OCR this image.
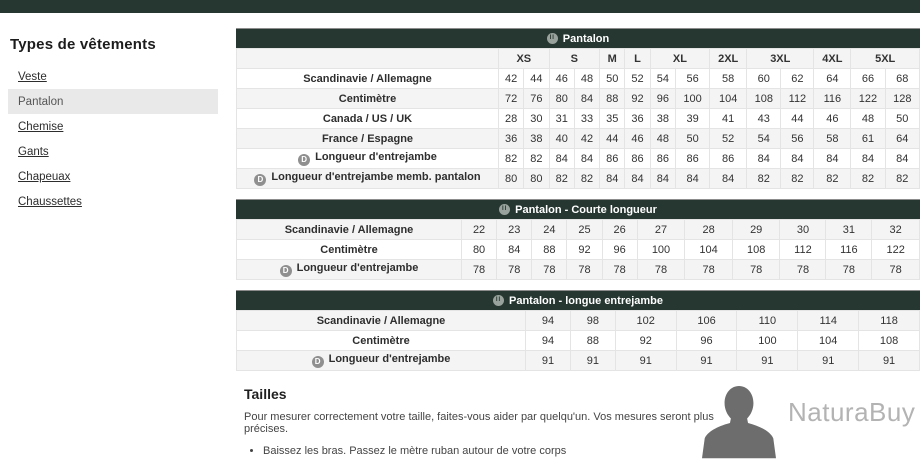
Types de vêtements
Veste
Pantalon
Chemise
Gants
Chapeuax
Chaussettes
II Pantalon
	XS		S		M	L	XL		2XL	3XL		4XL	5XL	
Scandinavie / Allemagne	42	44	46	48	50	52	54	56	58	60	62	64	66	68
Centimètre	72	76	80	84	88	92	96	100	104	108	112	116	122	128
Canada / US / UK	28	30	31	33	35	36	38	39	41	43	44	46	48	50
France / Espagne	36	38	40	42	44	46	48	50	52	54	56	58	61	64
D Longueur d'entrejambe	82	82	84	84	86	86	86	86	86	84	84	84	84	84
D Longueur d'entrejambe memb. pantalon	80	80	82	82	84	84	84	84	84	82	82	82	82	82
II Pantalon - Courte longueur
Scandinavie / Allemagne	22	23	24	25	26	27	28	29	30	31	32
Centimètre	80	84	88	92	96	100	104	108	112	116	122
D Longueur d'entrejambe	78	78	78	78	78	78	78	78	78	78	78
II Pantalon - longue entrejambe
Scandinavie / Allemagne	94	98	102	106	110	114	118
Centimètre	94	88	92	96	100	104	108
D Longueur d'entrejambe	91	91	91	91	91	91	91
Tailles

Pour mesurer correctement votre taille, faites-vous aider par quelqu'un. Vos mesures seront plus précises.

• Baissez les bras. Passez le mètre ruban autour de votre corps
NaturaBuy
